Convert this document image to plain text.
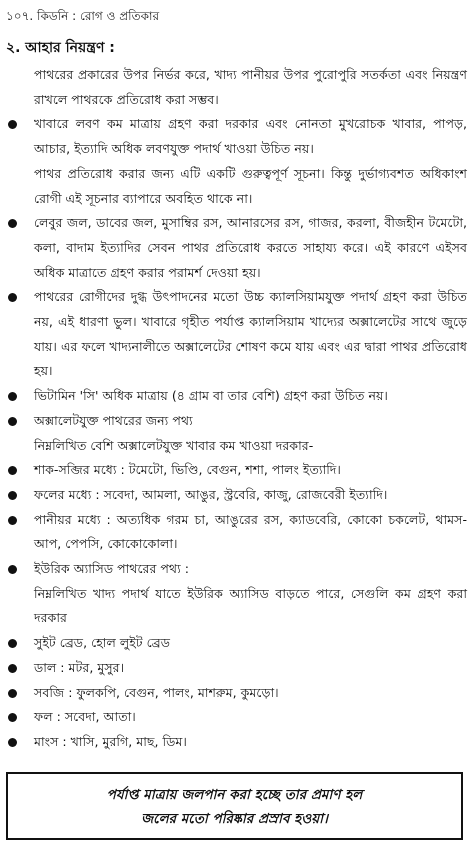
১০৭. কিডনি : রোগ ও প্রতিকার
২. আহার নিয়ন্ত্রণ :

পাথরের প্রকারের উপর নির্ভর করে, খাদ্য পানীয়র উপর পুরোপুরি সতর্কতা এবং নিয়ন্ত্রণ রাখলে পাথরকে প্রতিরোধ করা সম্ভব।

খাবারে লবণ কম মাত্রায় গ্রহণ করা দরকার এবং নোনতা মুখরোচক খাবার, পাপড়, আচার, ইত্যাদি অধিক লবণযুক্ত পদার্থ খাওয়া উচিত নয়।
পাথর প্রতিরোধ করার জন্য এটি একটি গুরুত্বপূর্ণ সূচনা। কিন্তু দুর্ভাগ্যবশত অধিকাংশ রোগী এই সূচনার ব্যাপারে অবহিত থাকে না।
লেবুর জল, ডাবের জল, মুসাম্বির রস, আনারসের রস, গাজর, করলা, বীজহীন টমেটো, কলা, বাদাম ইত্যাদির সেবন পাথর প্রতিরোধ করতে সাহায্য করে। এই কারণে এইসব অধিক মাত্রাতে গ্রহণ করার পরামর্শ দেওয়া হয়।
পাথরের রোগীদের দুগ্ধ উৎপাদনের মতো উচ্চ ক্যালসিয়ামযুক্ত পদার্থ গ্রহণ করা উচিত নয়, এই ধারণা ভুল। খাবারে গৃহীত পর্যাপ্ত ক্যালসিয়াম খাদ্যের অক্সালেটের সাথে জুড়ে যায়। এর ফলে খাদ্যনালীতে অক্সালেটের শোষণ কমে যায় এবং এর দ্বারা পাথর প্রতিরোধ হয়।
ভিটামিন 'সি' অধিক মাত্রায় (৪ গ্রাম বা তার বেশি) গ্রহণ করা উচিত নয়।
অক্সালেটযুক্ত পাথরের জন্য পথ্য
নিম্নলিখিত বেশি অক্সালেটযুক্ত খাবার কম খাওয়া দরকার-
শাক-সব্জির মধ্যে : টমেটো, ভিণ্ডি, বেগুন, শশা, পালং ইত্যাদি।
ফলের মধ্যে : সবেদা, আমলা, আঙুর, স্ট্রবেরি, কাজু, রোজবেরী ইত্যাদি।
পানীয়র মধ্যে : অত্যধিক গরম চা, আঙুরের রস, ক্যাডবেরি, কোকো চকলেট, থামস-আপ, পেপসি, কোকোকোলা।
ইউরিক অ্যাসিড পাথরের পথ্য :
নিম্নলিখিত খাদ্য পদার্থ যাতে ইউরিক অ্যাসিড বাড়তে পারে, সেগুলি কম গ্রহণ করা দরকার
সুইট ব্রেড, হোল লুইট ব্রেড
ডাল : মটর, মুসুর।
সবজি : ফুলকপি, বেগুন, পালং, মাশরুম, কুমড়ো।
ফল : সবেদা, আতা।
মাংস : খাসি, মুরগি, মাছ, ডিম।
পর্যাপ্ত মাত্রায় জলপান করা হচ্ছে তার প্রমাণ হল
জলের মতো পরিষ্কার প্রস্রাব হওয়া।
